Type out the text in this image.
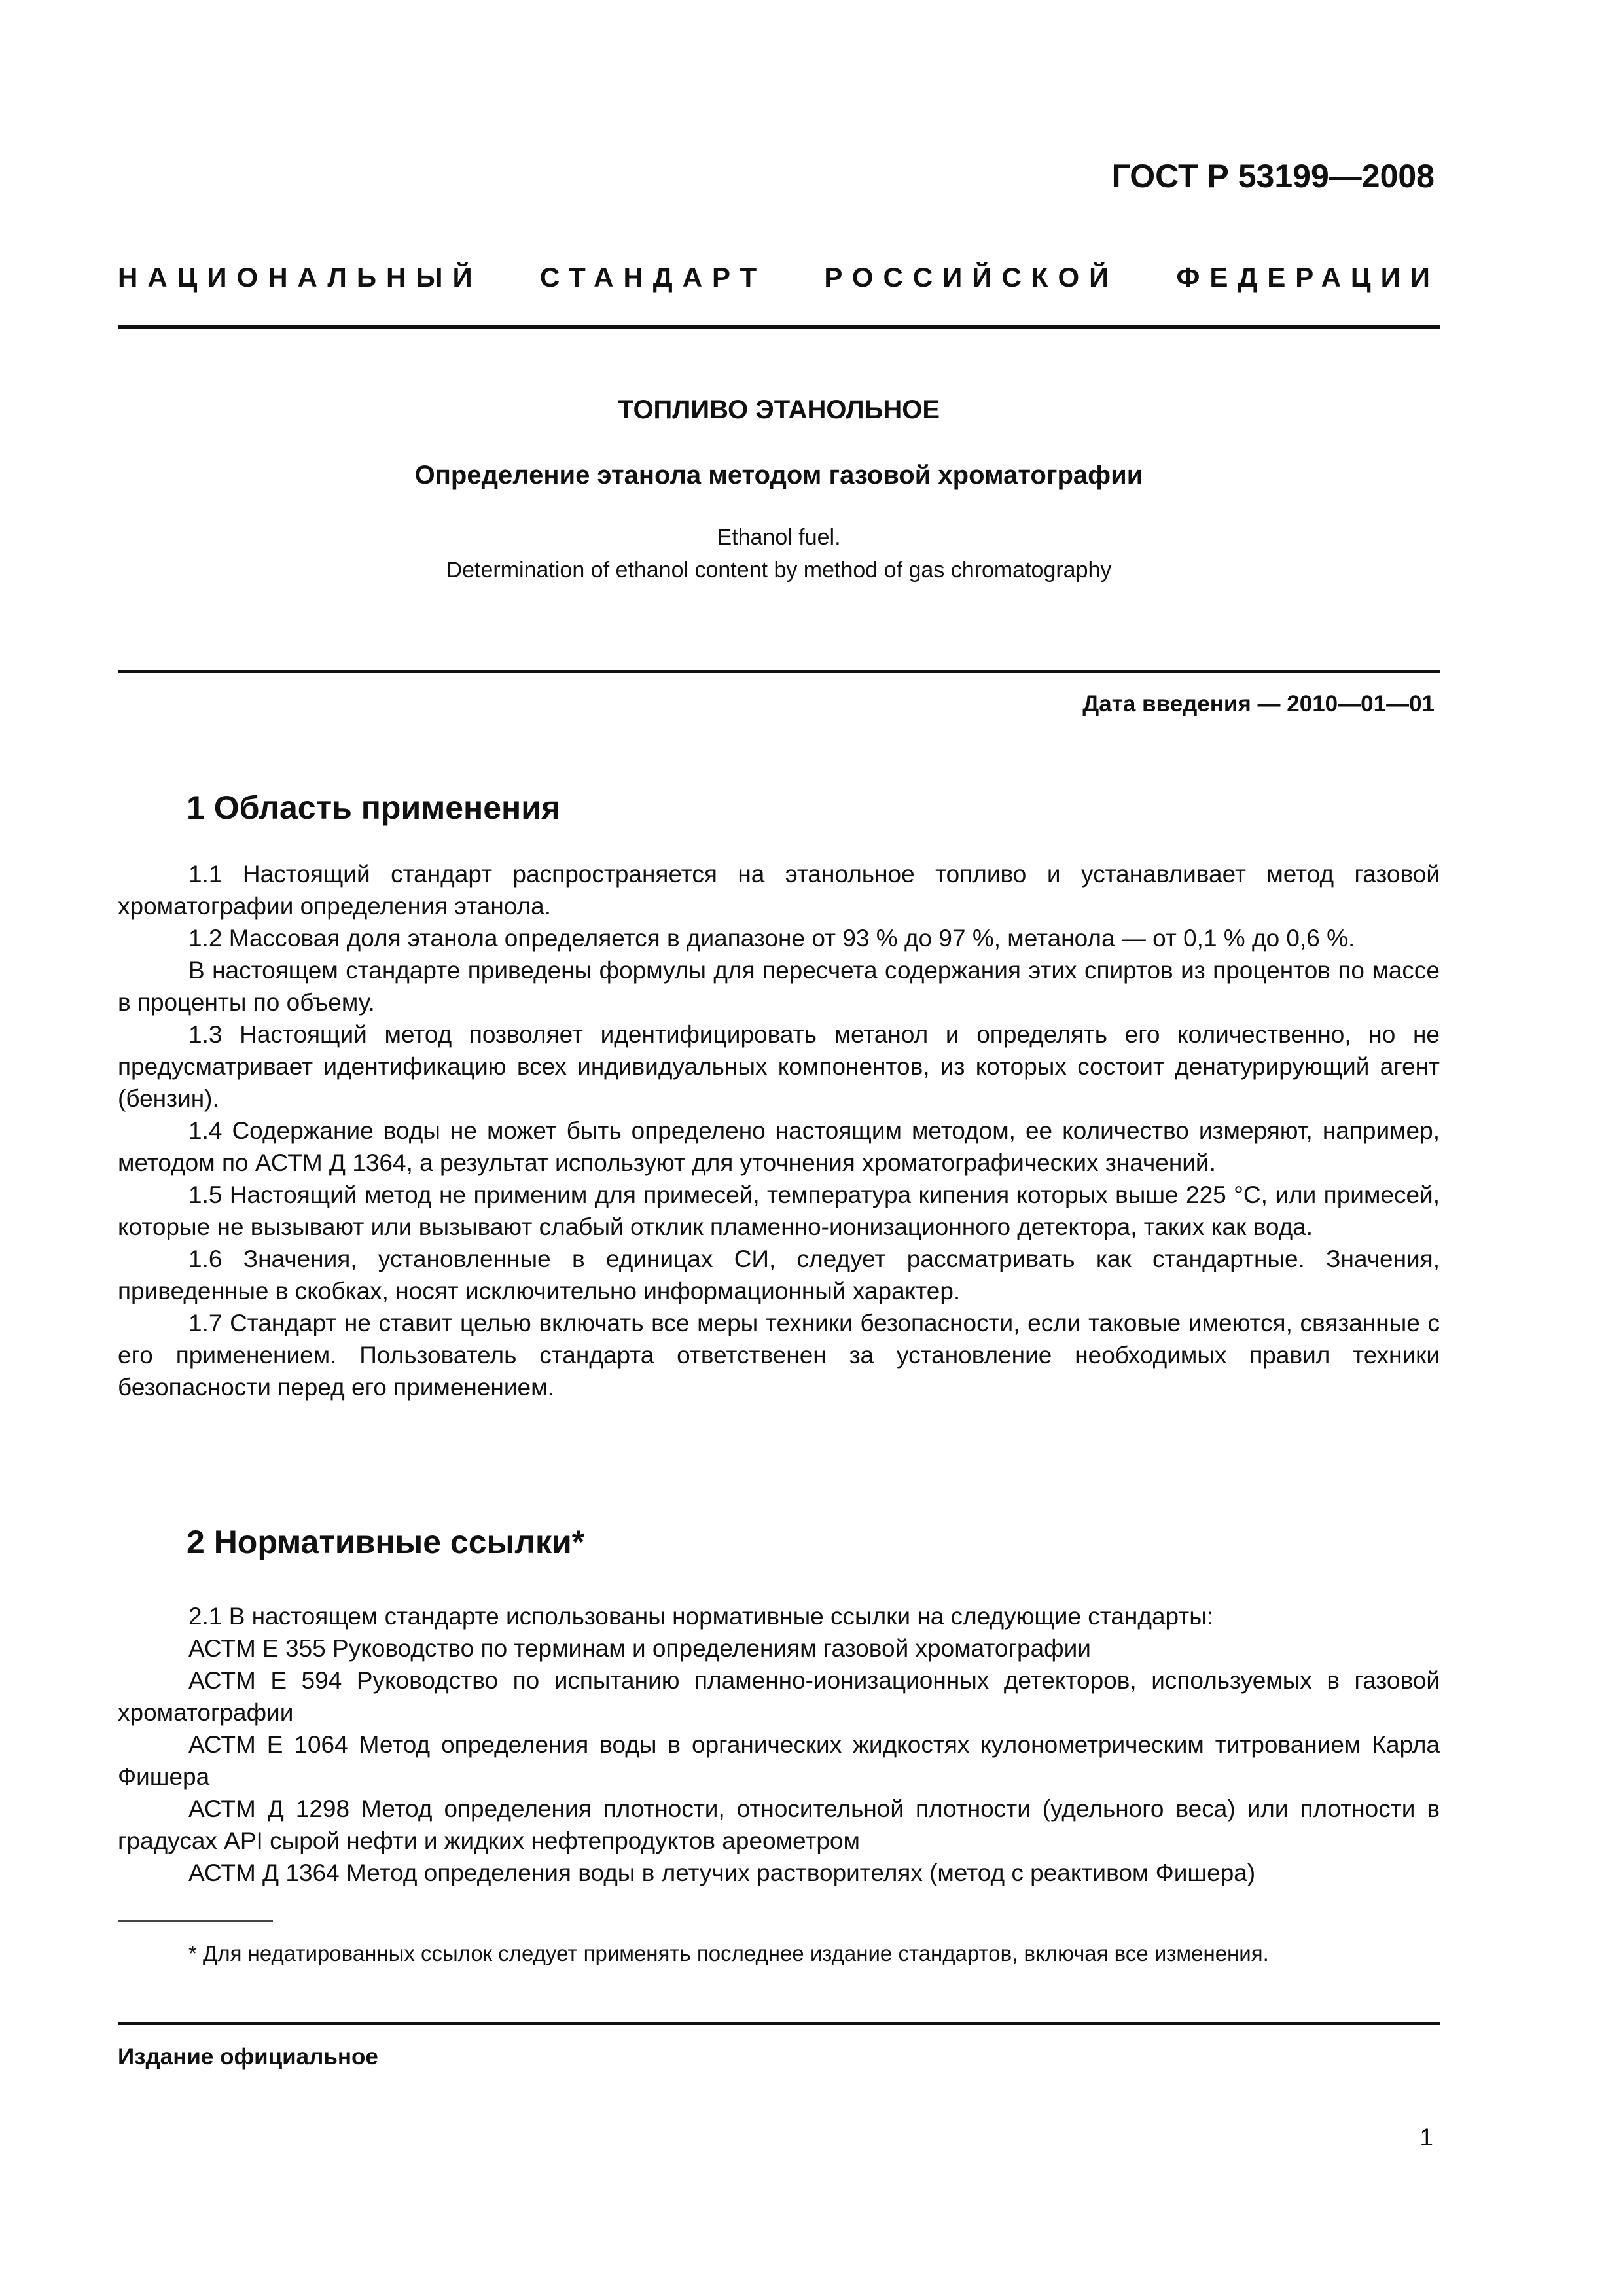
ГОСТ Р 53199—2008
НАЦИОНАЛЬНЫЙ СТАНДАРТ РОССИЙСКОЙ ФЕДЕРАЦИИ
ТОПЛИВО ЭТАНОЛЬНОЕ
Определение этанола методом газовой хроматографии
Ethanol fuel.
Determination of ethanol content by method of gas chromatography
Дата введения — 2010—01—01
1 Область применения

1.1 Настоящий стандарт распространяется на этанольное топливо и устанавливает метод газовой хроматографии определения этанола.

1.2 Массовая доля этанола определяется в диапазоне от 93 % до 97 %, метанола — от 0,1 % до 0,6 %.

В настоящем стандарте приведены формулы для пересчета содержания этих спиртов из процентов по массе в проценты по объему.

1.3 Настоящий метод позволяет идентифицировать метанол и определять его количественно, но не предусматривает идентификацию всех индивидуальных компонентов, из которых состоит денатурирующий агент (бензин).

1.4 Содержание воды не может быть определено настоящим методом, ее количество измеряют, например, методом по АСТМ Д 1364, а результат используют для уточнения хроматографических значений.

1.5 Настоящий метод не применим для примесей, температура кипения которых выше 225 °С, или примесей, которые не вызывают или вызывают слабый отклик пламенно-ионизационного детектора, таких как вода.

1.6 Значения, установленные в единицах СИ, следует рассматривать как стандартные. Значения, приведенные в скобках, носят исключительно информационный характер.

1.7 Стандарт не ставит целью включать все меры техники безопасности, если таковые имеются, связанные с его применением. Пользователь стандарта ответственен за установление необходимых правил техники безопасности перед его применением.

2 Нормативные ссылки*

2.1 В настоящем стандарте использованы нормативные ссылки на следующие стандарты:

АСТМ Е 355 Руководство по терминам и определениям газовой хроматографии

АСТМ Е 594 Руководство по испытанию пламенно-ионизационных детекторов, используемых в газовой хроматографии

АСТМ Е 1064 Метод определения воды в органических жидкостях кулонометрическим титрованием Карла Фишера

АСТМ Д 1298 Метод определения плотности, относительной плотности (удельного веса) или плотности в градусах API сырой нефти и жидких нефтепродуктов ареометром

АСТМ Д 1364 Метод определения воды в летучих растворителях (метод с реактивом Фишера)

* Для недатированных ссылок следует применять последнее издание стандартов, включая все изменения.
Издание официальное
1
